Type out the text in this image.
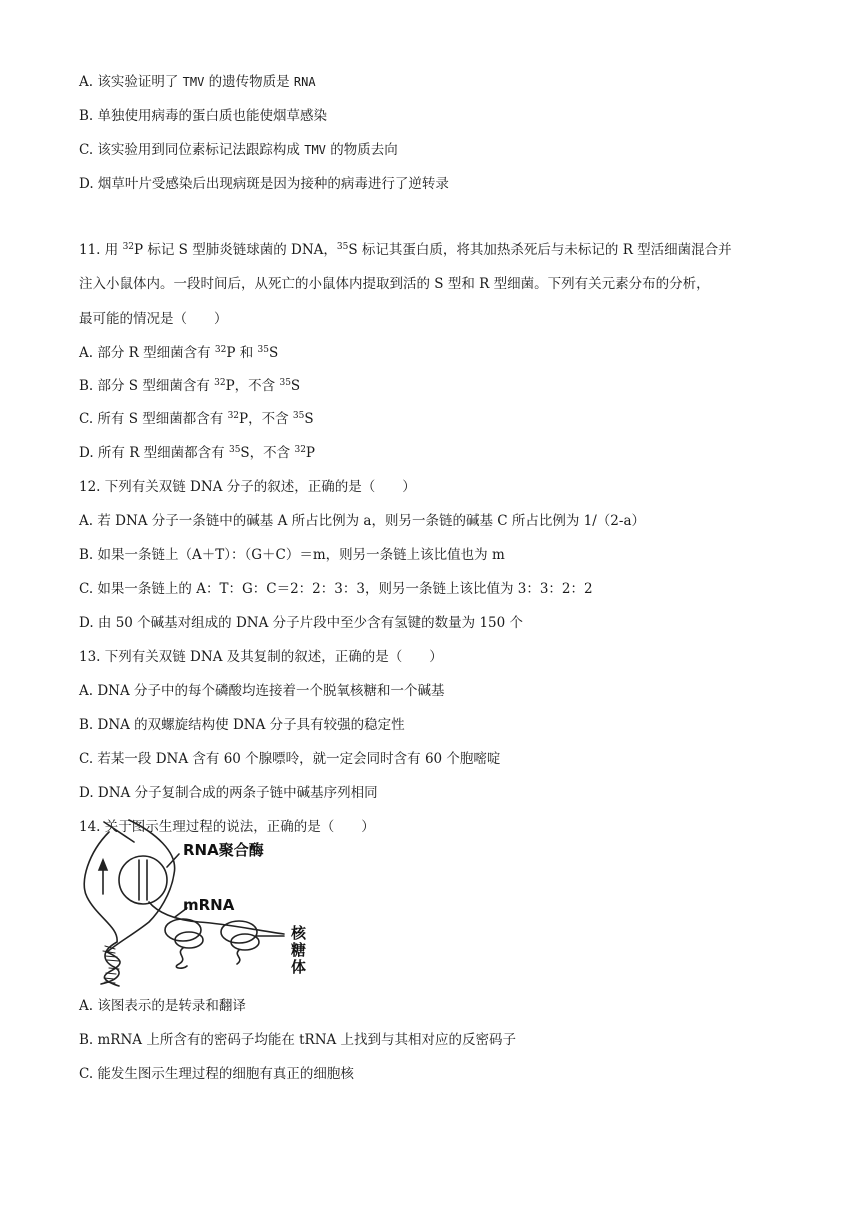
A. 该实验证明了 TMV 的遗传物质是 RNA
B. 单独使用病毒的蛋白质也能使烟草感染
C. 该实验用到同位素标记法跟踪构成 TMV 的物质去向
D. 烟草叶片受感染后出现病斑是因为接种的病毒进行了逆转录
11. 用 $^{32}$P 标记 S 型肺炎链球菌的 DNA，$^{35}$S 标记其蛋白质，将其加热杀死后与未标记的 R 型活细菌混合并
注入小鼠体内。一段时间后，从死亡的小鼠体内提取到活的 S 型和 R 型细菌。下列有关元素分布的分析，
最可能的情况是（　　）
A. 部分 R 型细菌含有 $^{32}$P 和 $^{35}$S
B. 部分 S 型细菌含有 $^{32}$P，不含 $^{35}$S
C. 所有 S 型细菌都含有 $^{32}$P，不含 $^{35}$S
D. 所有 R 型细菌都含有 $^{35}$S，不含 $^{32}$P
12. 下列有关双链 DNA 分子的叙述，正确的是（　　）
A. 若 DNA 分子一条链中的碱基 A 所占比例为 a，则另一条链的碱基 C 所占比例为 1/（2-a）
B. 如果一条链上（A＋T）：（G＋C）＝m，则另一条链上该比值也为 m
C. 如果一条链上的 A：T：G：C＝2：2：3：3，则另一条链上该比值为 3：3：2：2
D. 由 50 个碱基对组成的 DNA 分子片段中至少含有氢键的数量为 150 个
13. 下列有关双链 DNA 及其复制的叙述，正确的是（　　）
A. DNA 分子中的每个磷酸均连接着一个脱氧核糖和一个碱基
B. DNA 的双螺旋结构使 DNA 分子具有较强的稳定性
C. 若某一段 DNA 含有 60 个腺嘌呤，就一定会同时含有 60 个胞嘧啶
D. DNA 分子复制合成的两条子链中碱基序列相同
14. 关于图示生理过程的说法，正确的是（　　）
RNA聚合酶
mRNA
核
糖
体
A. 该图表示的是转录和翻译
B. mRNA 上所含有的密码子均能在 tRNA 上找到与其相对应的反密码子
C. 能发生图示生理过程的细胞有真正的细胞核
